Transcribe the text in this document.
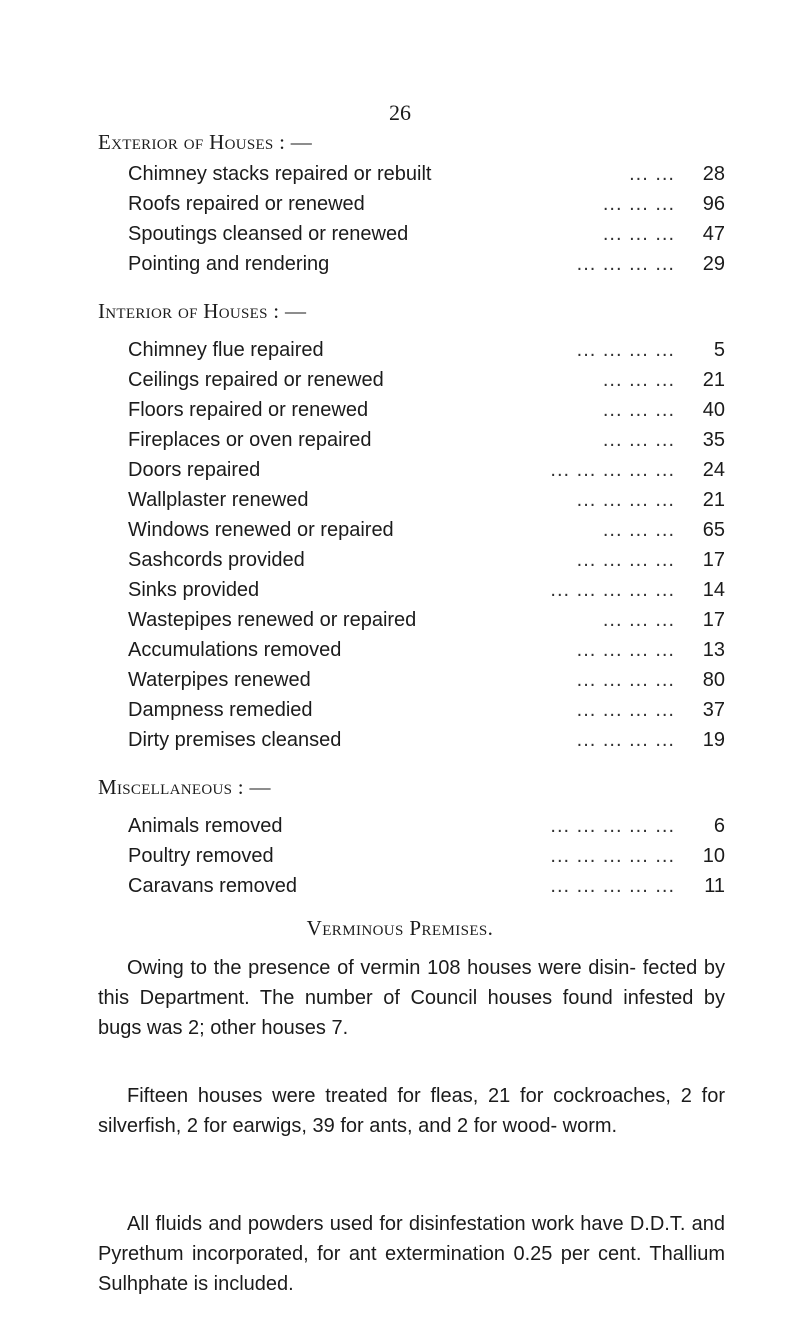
26
Exterior of Houses : —
Chimney stacks repaired or rebuilt	... ... 28
Roofs repaired or renewed	... ... ... 96
Spoutings cleansed or renewed	... ... ... 47
Pointing and rendering	... ... ... ... 29
Interior of Houses : —
Chimney flue repaired	... ... ... ... 5
Ceilings repaired or renewed	... ... ... 21
Floors repaired or renewed	... ... ... 40
Fireplaces or oven repaired	... ... ... 35
Doors repaired	... ... ... ... ... 24
Wallplaster renewed	... ... ... ... 21
Windows renewed or repaired	... ... ... 65
Sashcords provided	... ... ... ... 17
Sinks provided	... ... ... ... ... 14
Wastepipes renewed or repaired	... ... ... 17
Accumulations removed	... ... ... ... 13
Waterpipes renewed	... ... ... ... 80
Dampness remedied	... ... ... ... 37
Dirty premises cleansed	... ... ... ... 19
Miscellaneous : —
Animals removed	... ... ... ... ... 6
Poultry removed	... ... ... ... ... 10
Caravans removed	... ... ... ... ... 11
Verminous Premises.

Owing to the presence of vermin 108 houses were disin- fected by this Department. The number of Council houses found infested by bugs was 2; other houses 7.

Fifteen houses were treated for fleas, 21 for cockroaches, 2 for silverfish, 2 for earwigs, 39 for ants, and 2 for wood- worm.

All fluids and powders used for disinfestation work have D.D.T. and Pyrethum incorporated, for ant extermination 0.25 per cent. Thallium Sulhphate is included.
